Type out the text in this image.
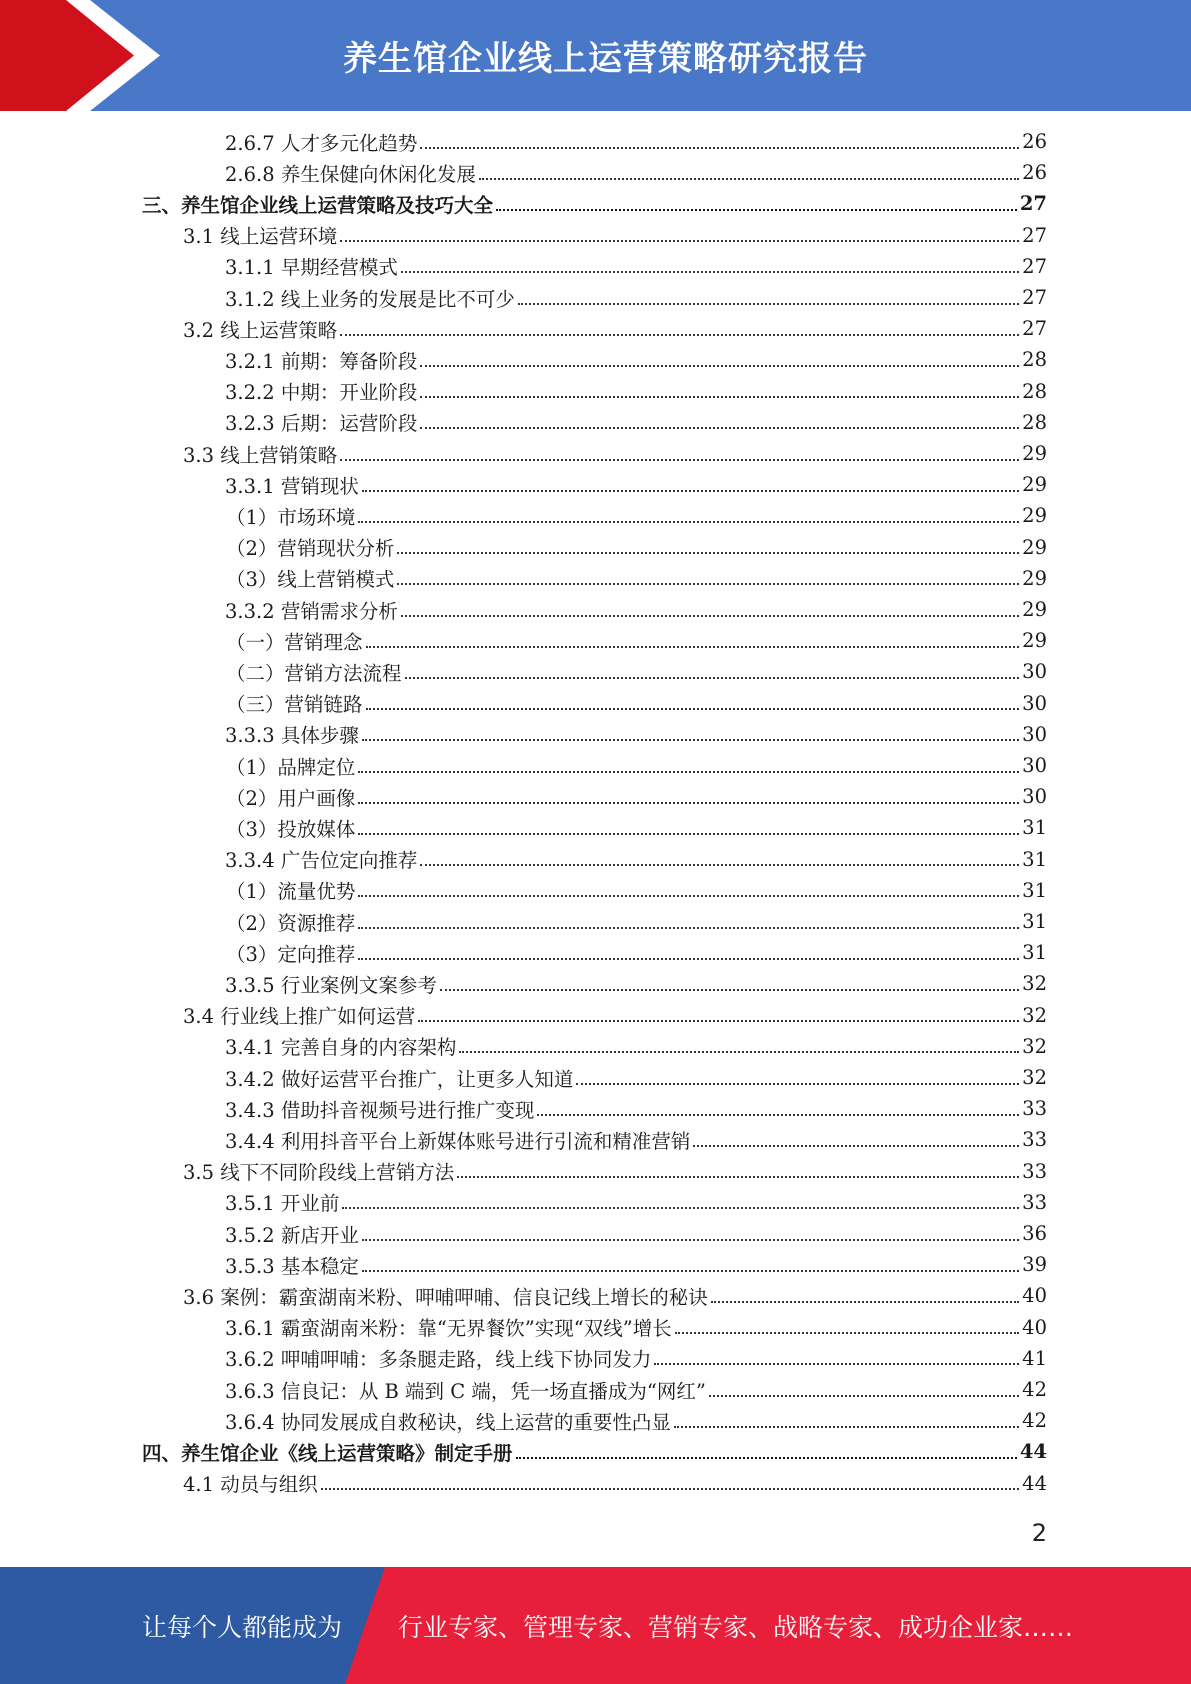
养生馆企业线上运营策略研究报告
2.6.7 人才多元化趋势	26
2.6.8 养生保健向休闲化发展	26
三、养生馆企业线上运营策略及技巧大全	27
3.1 线上运营环境	27
3.1.1 早期经营模式	27
3.1.2 线上业务的发展是比不可少	27
3.2 线上运营策略	27
3.2.1 前期：筹备阶段	28
3.2.2 中期：开业阶段	28
3.2.3 后期：运营阶段	28
3.3 线上营销策略	29
3.3.1 营销现状	29
（1）市场环境	29
（2）营销现状分析	29
（3）线上营销模式	29
3.3.2 营销需求分析	29
（一）营销理念	29
（二）营销方法流程	30
（三）营销链路	30
3.3.3 具体步骤	30
（1）品牌定位	30
（2）用户画像	30
（3）投放媒体	31
3.3.4 广告位定向推荐	31
（1）流量优势	31
（2）资源推荐	31
（3）定向推荐	31
3.3.5 行业案例文案参考	32
3.4 行业线上推广如何运营	32
3.4.1 完善自身的内容架构	32
3.4.2 做好运营平台推广，让更多人知道	32
3.4.3 借助抖音视频号进行推广变现	33
3.4.4 利用抖音平台上新媒体账号进行引流和精准营销	33
3.5 线下不同阶段线上营销方法	33
3.5.1 开业前	33
3.5.2 新店开业	36
3.5.3 基本稳定	39
3.6 案例：霸蛮湖南米粉、呷哺呷哺、信良记线上增长的秘诀	40
3.6.1 霸蛮湖南米粉：靠“无界餐饮”实现“双线”增长	40
3.6.2 呷哺呷哺：多条腿走路，线上线下协同发力	41
3.6.3 信良记：从 B 端到 C 端，凭一场直播成为“网红”	42
3.6.4 协同发展成自救秘诀，线上运营的重要性凸显	42
四、养生馆企业《线上运营策略》制定手册	44
4.1 动员与组织	44
2
让每个人都能成为 行业专家、管理专家、营销专家、战略专家、成功企业家……
